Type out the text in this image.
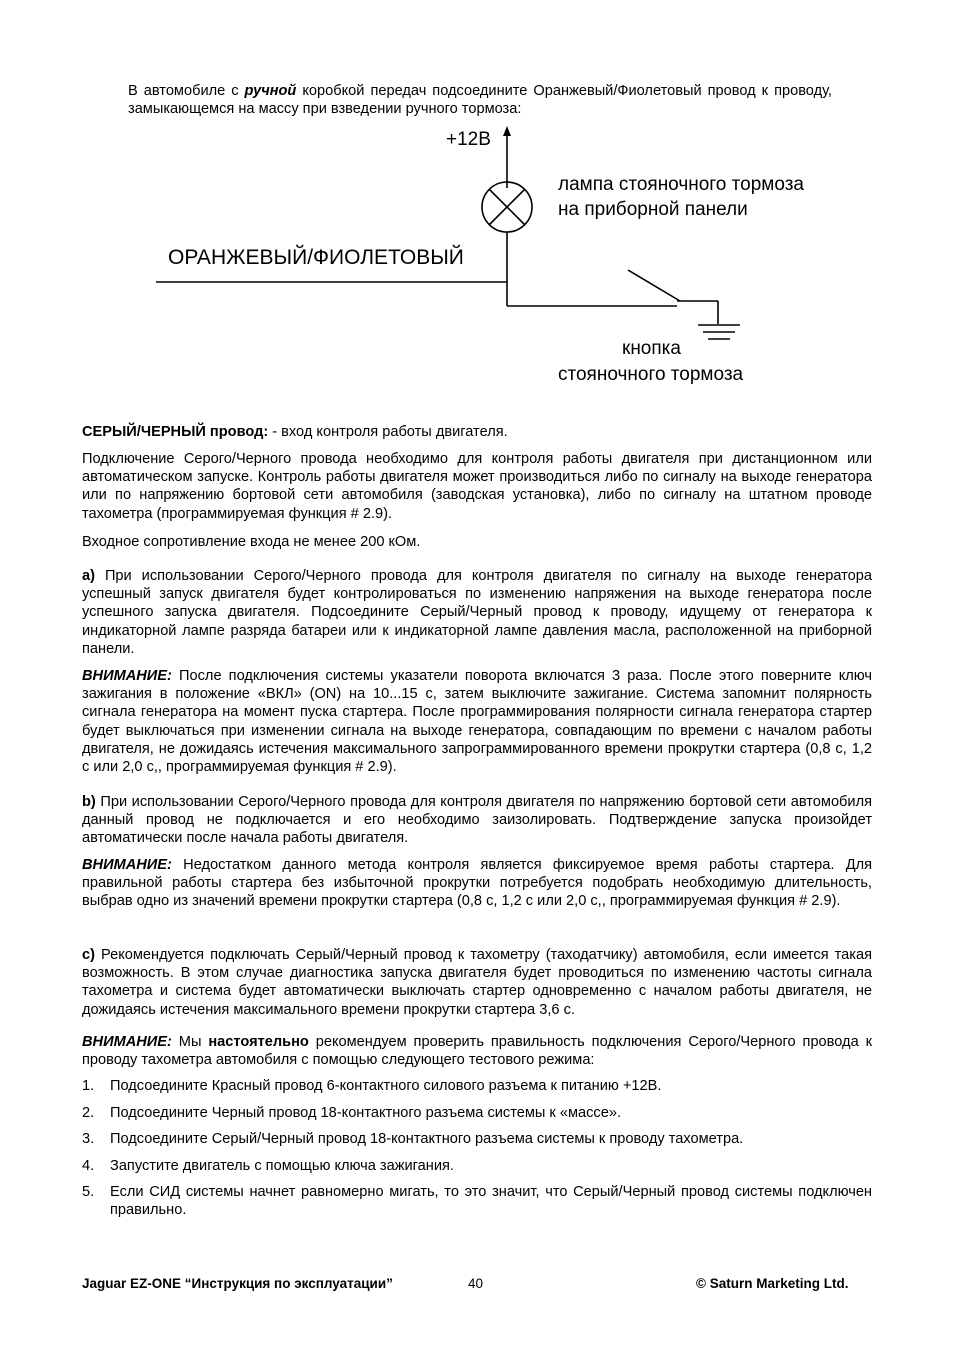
В автомобиле с ручной коробкой передач подсоедините Оранжевый/Фиолетовый провод к проводу, замыкающемся на массу при взведении ручного тормоза:
+12В
лампа стояночного тормоза
на приборной панели
ОРАНЖЕВЫЙ/ФИОЛЕТОВЫЙ
кнопка
стояночного тормоза
СЕРЫЙ/ЧЕРНЫЙ провод: - вход контроля работы двигателя.
Подключение Серого/Черного провода необходимо для контроля работы двигателя при дистанционном или автоматическом запуске. Контроль работы двигателя может производиться либо по сигналу на выходе генератора или по напряжению бортовой сети автомобиля (заводская установка), либо по сигналу на штатном проводе тахометра (программируемая функция # 2.9).
Входное сопротивление входа не менее 200 кОм.
а) При использовании Серого/Черного провода для контроля двигателя по сигналу на выходе генератора успешный запуск двигателя будет контролироваться по изменению напряжения на выходе генератора после успешного запуска двигателя. Подсоедините Серый/Черный провод к проводу, идущему от генератора к индикаторной лампе разряда батареи или к индикаторной лампе давления масла, расположенной на приборной панели.
ВНИМАНИЕ: После подключения системы указатели поворота включатся 3 раза. После этого поверните ключ зажигания в положение «ВКЛ» (ON) на 10...15 с, затем выключите зажигание. Система запомнит полярность сигнала генератора на момент пуска стартера. После программирования полярности сигнала генератора стартер будет выключаться при изменении сигнала на выходе генератора, совпадающим по времени с началом работы двигателя, не дожидаясь истечения максимального запрограммированного времени прокрутки стартера (0,8 с, 1,2 с или 2,0 с,, программируемая функция # 2.9).
b) При использовании Серого/Черного провода для контроля двигателя по напряжению бортовой сети автомобиля данный провод не подключается и его необходимо заизолировать. Подтверждение запуска произойдет автоматически после начала работы двигателя.
ВНИМАНИЕ: Недостатком данного метода контроля является фиксируемое время работы стартера. Для правильной работы стартера без избыточной прокрутки потребуется подобрать необходимую длительность, выбрав одно из значений времени прокрутки стартера (0,8 с, 1,2 с или 2,0 с,, программируемая функция # 2.9).
c) Рекомендуется подключать Серый/Черный провод к тахометру (таходатчику) автомобиля, если имеется такая возможность. В этом случае диагностика запуска двигателя будет проводиться по изменению частоты сигнала тахометра и система будет автоматически выключать стартер одновременно с началом работы двигателя, не дожидаясь истечения максимального времени прокрутки стартера 3,6 с.
ВНИМАНИЕ: Мы настоятельно рекомендуем проверить правильность подключения Серого/Черного провода к проводу тахометра автомобиля с помощью следующего тестового режима:
1. Подсоедините Красный провод 6-контактного силового разъема к питанию +12В.
2. Подсоедините Черный провод 18-контактного разъема системы к «массе».
3. Подсоедините Серый/Черный провод 18-контактного разъема системы к проводу тахометра.
4. Запустите двигатель с помощью ключа зажигания.
5. Если СИД системы начнет равномерно мигать, то это значит, что Серый/Черный провод системы подключен правильно.
Jaguar EZ-ONE “Инструкция по эксплуатации”	40	© Saturn Marketing Ltd.
